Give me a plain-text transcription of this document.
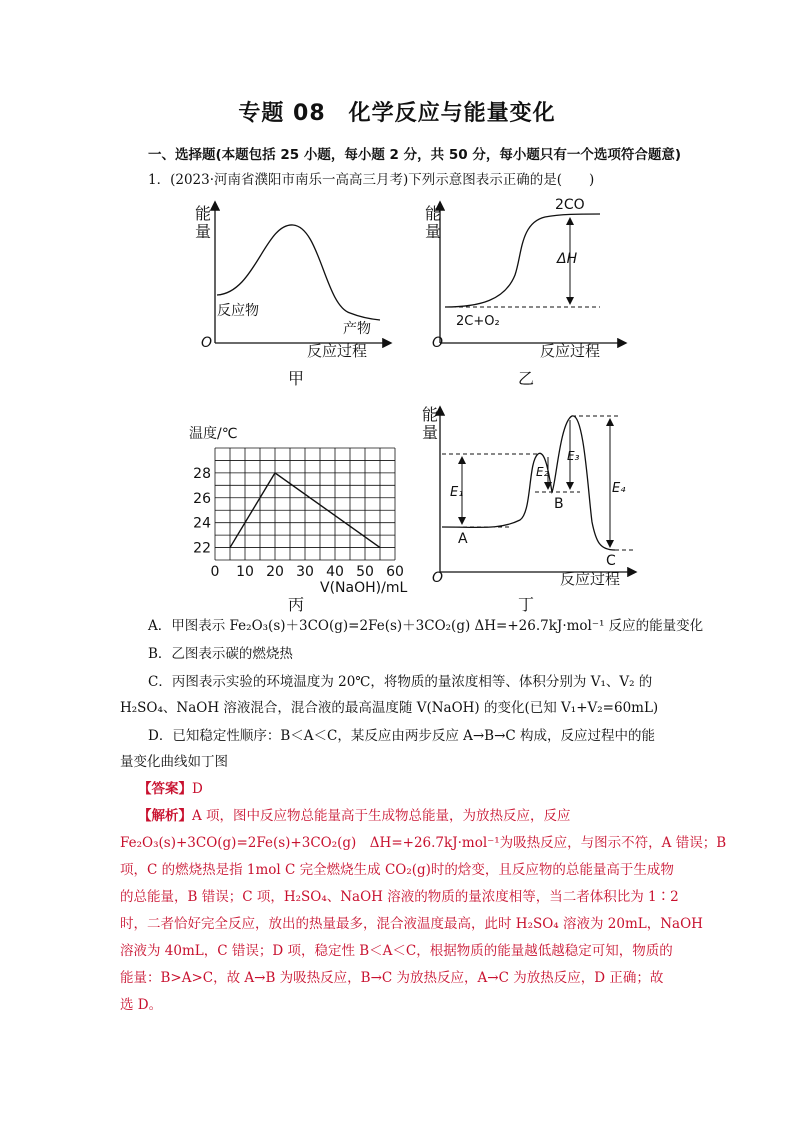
专题 08　化学反应与能量变化
一、选择题(本题包括 25 小题，每小题 2 分，共 50 分，每小题只有一个选项符合题意)
1．(2023·河南省濮阳市南乐一高高三月考)下列示意图表示正确的是(　　)
能
量
O	反应过程
反应物
产物
甲
能
量
O	反应过程
2CO
ΔH
2C+O₂
乙
温度/℃
0 10 20 30 40 50 60
22
24
26
28
V(NaOH)/mL
丙
能
量
O	反应过程
E₁
E₂
E₃
E₄
A
B
C
丁
A．甲图表示 Fe₂O₃(s)＋3CO(g)=2Fe(s)＋3CO₂(g) ΔH=+26.7kJ·mol⁻¹ 反应的能量变化
B．乙图表示碳的燃烧热
C．丙图表示实验的环境温度为 20℃，将物质的量浓度相等、体积分别为 V₁、V₂ 的
H₂SO₄、NaOH 溶液混合，混合液的最高温度随 V(NaOH) 的变化(已知 V₁+V₂=60mL)
D．已知稳定性顺序：B＜A＜C，某反应由两步反应 A→B→C 构成，反应过程中的能
量变化曲线如丁图
【答案】D
【解析】A 项，图中反应物总能量高于生成物总能量，为放热反应，反应
Fe₂O₃(s)+3CO(g)=2Fe(s)+3CO₂(g)　ΔH=+26.7kJ·mol⁻¹为吸热反应，与图示不符，A 错误；B
项，C 的燃烧热是指 1mol C 完全燃烧生成 CO₂(g)时的焓变，且反应物的总能量高于生成物
的总能量，B 错误；C 项，H₂SO₄、NaOH 溶液的物质的量浓度相等，当二者体积比为 1∶2
时，二者恰好完全反应，放出的热量最多，混合液温度最高，此时 H₂SO₄ 溶液为 20mL，NaOH
溶液为 40mL，C 错误；D 项，稳定性 B＜A＜C，根据物质的能量越低越稳定可知，物质的
能量：B>A>C，故 A→B 为吸热反应，B→C 为放热反应，A→C 为放热反应，D 正确；故
选 D。
